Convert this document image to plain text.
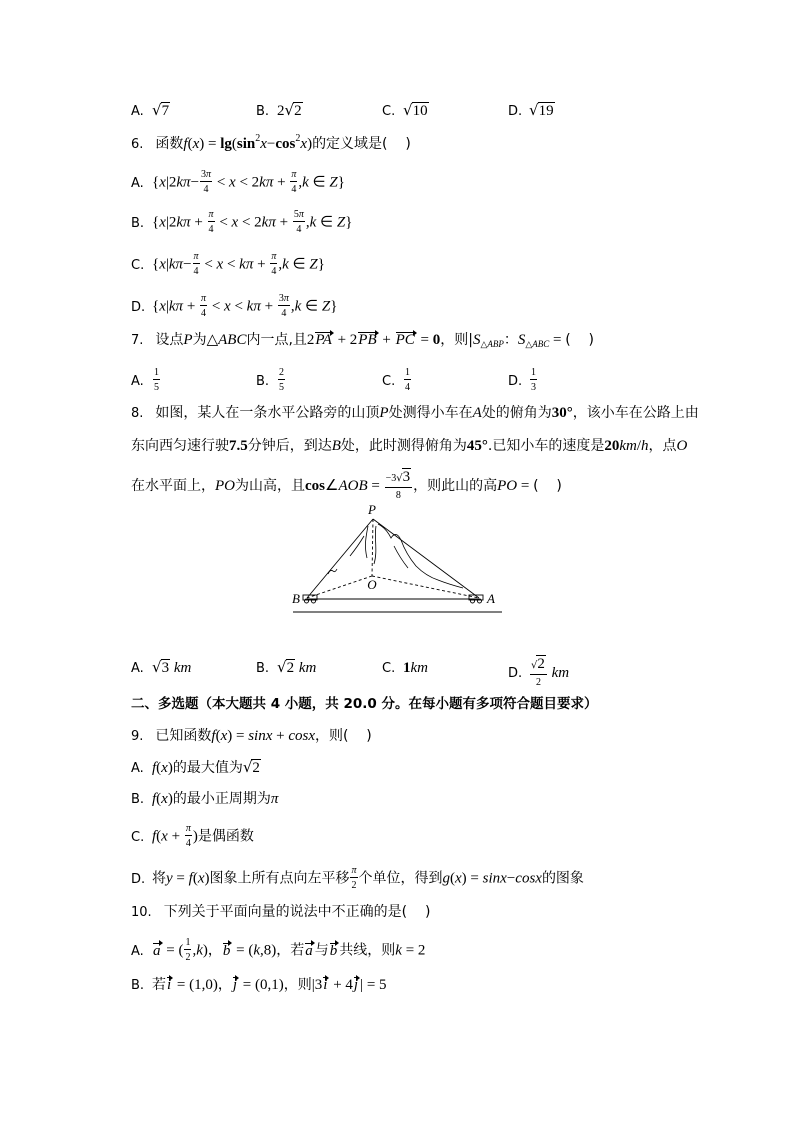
A. √ 7	B. 2 √ 2	C. √ 10	D. √ 19
6. 函数$f(x) = \lg(\sin^2x-\cos^2x)$的定义域是(    )
A. {$x|2k\pi- \frac{3\pi}{4} < x < 2k\pi + \frac{\pi}{4} ,k$ ∈ Z}
B. {$x|2k\pi + \frac{\pi}{4} < x < 2k\pi + \frac{5\pi}{4} ,k$ ∈ Z}
C. {$x|k\pi- \frac{\pi}{4} < x < k\pi + \frac{\pi}{4} ,k$ ∈ Z}
D. {$x|k\pi + \frac{\pi}{4} < x < k\pi + \frac{3\pi}{4} ,k$ ∈ Z}
7. 设点P为△ABC内一点,且2PA + 2PB + PC = 0，则$|S_{\triangle ABP}$：$S_{\triangle ABC}$ = (    )
A. $\frac{1}{5}$	B. $\frac{2}{5}$	C. $\frac{1}{4}$	D. $\frac{1}{3}$
8. 如图，某人在一条水平公路旁的山顶P处测得小车在A处的俯角为30°，该小车在公路上由
东向西匀速行驶7.5分钟后，到达B处，此时测得俯角为45°.已知小车的速度是20km/h，点O
在水平面上，PO为山高，且cos∠AOB = $\frac{-3 √ 3}{8}$ ，则此山的高PO = (    )
P
O
B	A
A. √ 3 km	B. √ 2 km	C. 1km	D. √ $\frac{2}{2}$ km
二、多选题（本大题共 4 小题，共 20.0 分。在每小题有多项符合题目要求）
9. 已知函数f(x) = sinx + cosx，则(    )
A. f(x)的最大值为 √ 2
B. f(x)的最小正周期为π
C. $f(x + \frac{\pi}{4}$ )是偶函数
D. 将y = f(x)图象上所有点向左平移 $\frac{\pi}{2}$ 个单位，得到g(x) = sinx−cosx的图象
10. 下列关于平面向量的说法中不正确的是(    )
A. a = ( $\frac{1}{2} ,k$)，b = (k,8)，若a 与b 共线，则k = 2
B. 若i = (1,0)，j = (0,1)，则|3i + 4j | = 5
